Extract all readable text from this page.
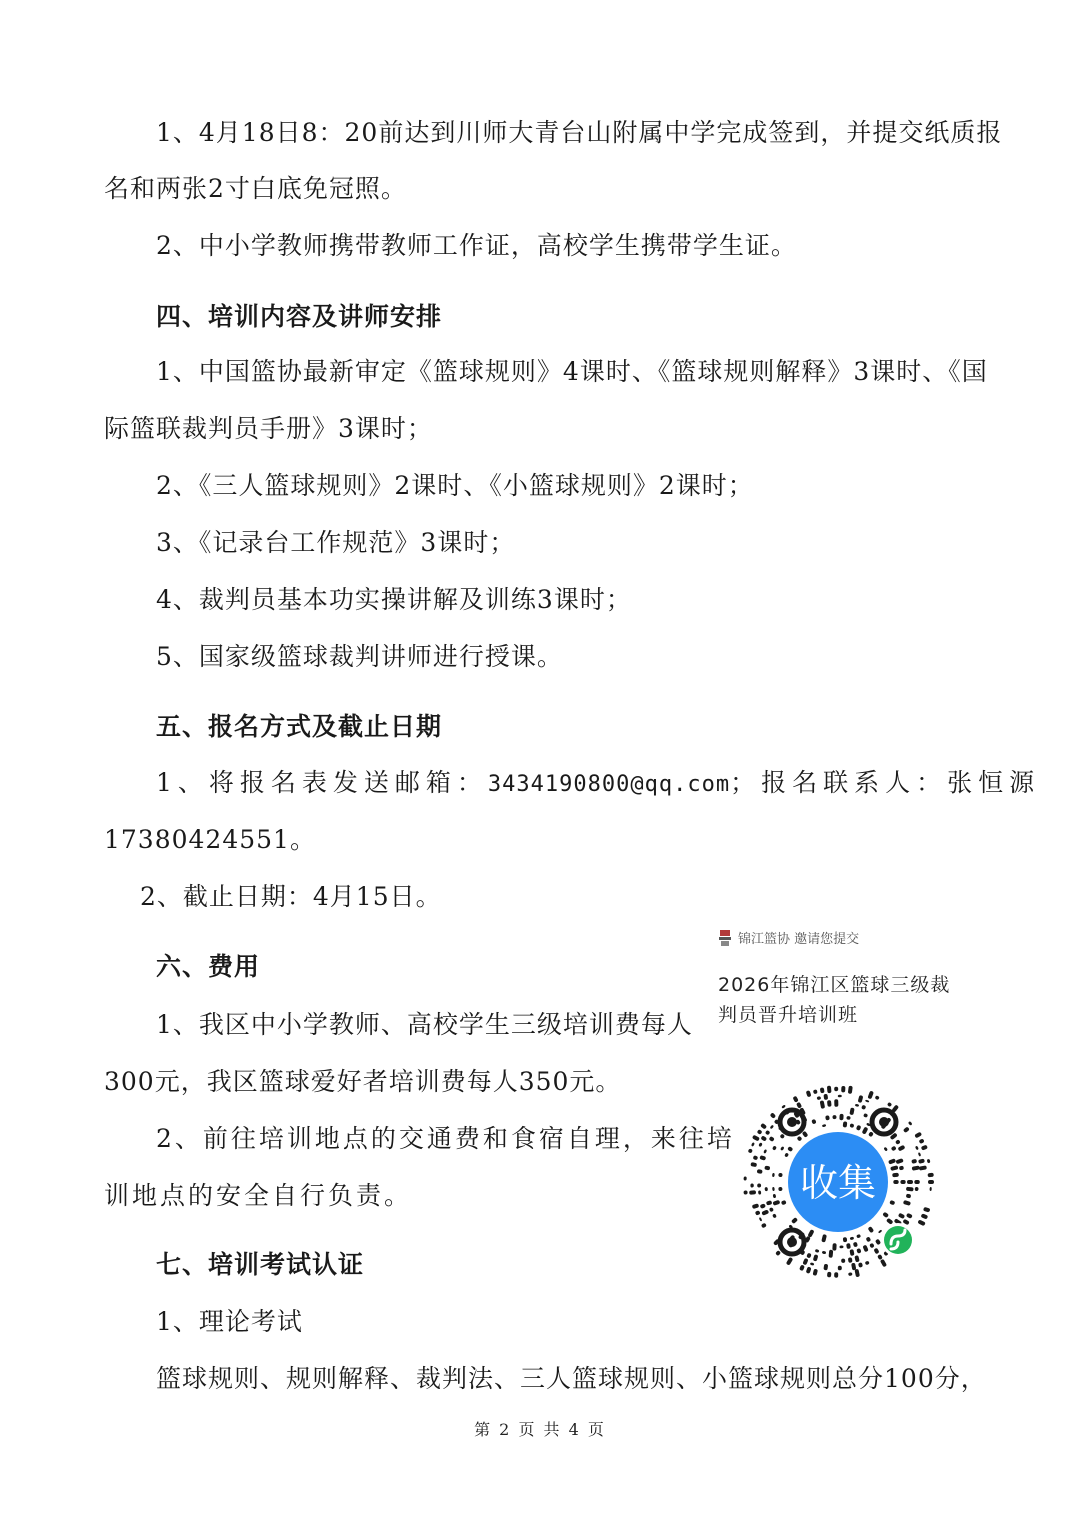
1、4月18日8：20前达到川师大青台山附属中学完成签到，并提交纸质报
名和两张2寸白底免冠照。
2、中小学教师携带教师工作证，高校学生携带学生证。
四、培训内容及讲师安排
1、中国篮协最新审定《篮球规则》4课时、《篮球规则解释》3课时、《国
际篮联裁判员手册》3课时；
2、《三人篮球规则》2课时、《小篮球规则》2课时；
3、《记录台工作规范》3课时；
4、裁判员基本功实操讲解及训练3课时；
5、国家级篮球裁判讲师进行授课。
五、报名方式及截止日期
1、将报名表发送邮箱：3434190800@qq.com ；报名联系人：张恒源
17380424551。
2、截止日期：4月15日。
六、费用
1、我区中小学教师、高校学生三级培训费每人
300元，我区篮球爱好者培训费每人350元。
2、前往培训地点的交通费和食宿自理，来往培
训地点的安全自行负责。
七、培训考试认证
1、理论考试
篮球规则、规则解释、裁判法、三人篮球规则、小篮球规则总分100分，
锦江篮协 邀请您提交
2026年锦江区篮球三级裁判员晋升培训班
收集
第 2 页 共 4 页
